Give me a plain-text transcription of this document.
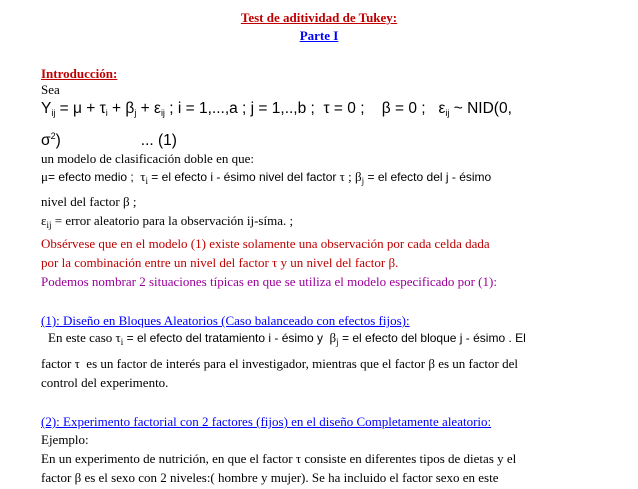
Test de aditividad de Tukey:
Parte I
Introducción:
Sea
$Y_{ij} = \mu + \tau_i + \beta_j + \varepsilon_{ij}$ ; i = 1,...,a ; j = 1,..,b ; τ = 0 ; β = 0 ; $\varepsilon_{ij}$ ~ NID(0,
$\sigma^2$)	... (1)
un modelo de clasificación doble en que:
μ= efecto medio ; $\tau_i$ = el efecto i - ésimo nivel del factor τ ; $\beta_j$ = el efecto del j - ésimo
nivel del factor β ;
$\varepsilon_{ij}$ = error aleatorio para la observación ij-síma. ;
Obsérvese que en el modelo (1) existe solamente una observación por cada celda dada
por la combinación entre un nivel del factor τ y un nivel del factor β.
Podemos nombrar 2 situaciones típicas en que se utiliza el modelo especificado por (1):
(1): Diseño en Bloques Aleatorios (Caso balanceado con efectos fijos):
En este caso $\tau_i$ = el efecto del tratamiento i - ésimo y $\beta_j$ = el efecto del bloque j - ésimo . El
factor τ es un factor de interés para el investigador, mientras que el factor β es un factor del
control del experimento.
(2): Experimento factorial con 2 factores (fijos) en el diseño Completamente aleatorio:
Ejemplo:
En un experimento de nutrición, en que el factor τ consiste en diferentes tipos de dietas y el
factor β es el sexo con 2 niveles:( hombre y mujer). Se ha incluido el factor sexo en este
